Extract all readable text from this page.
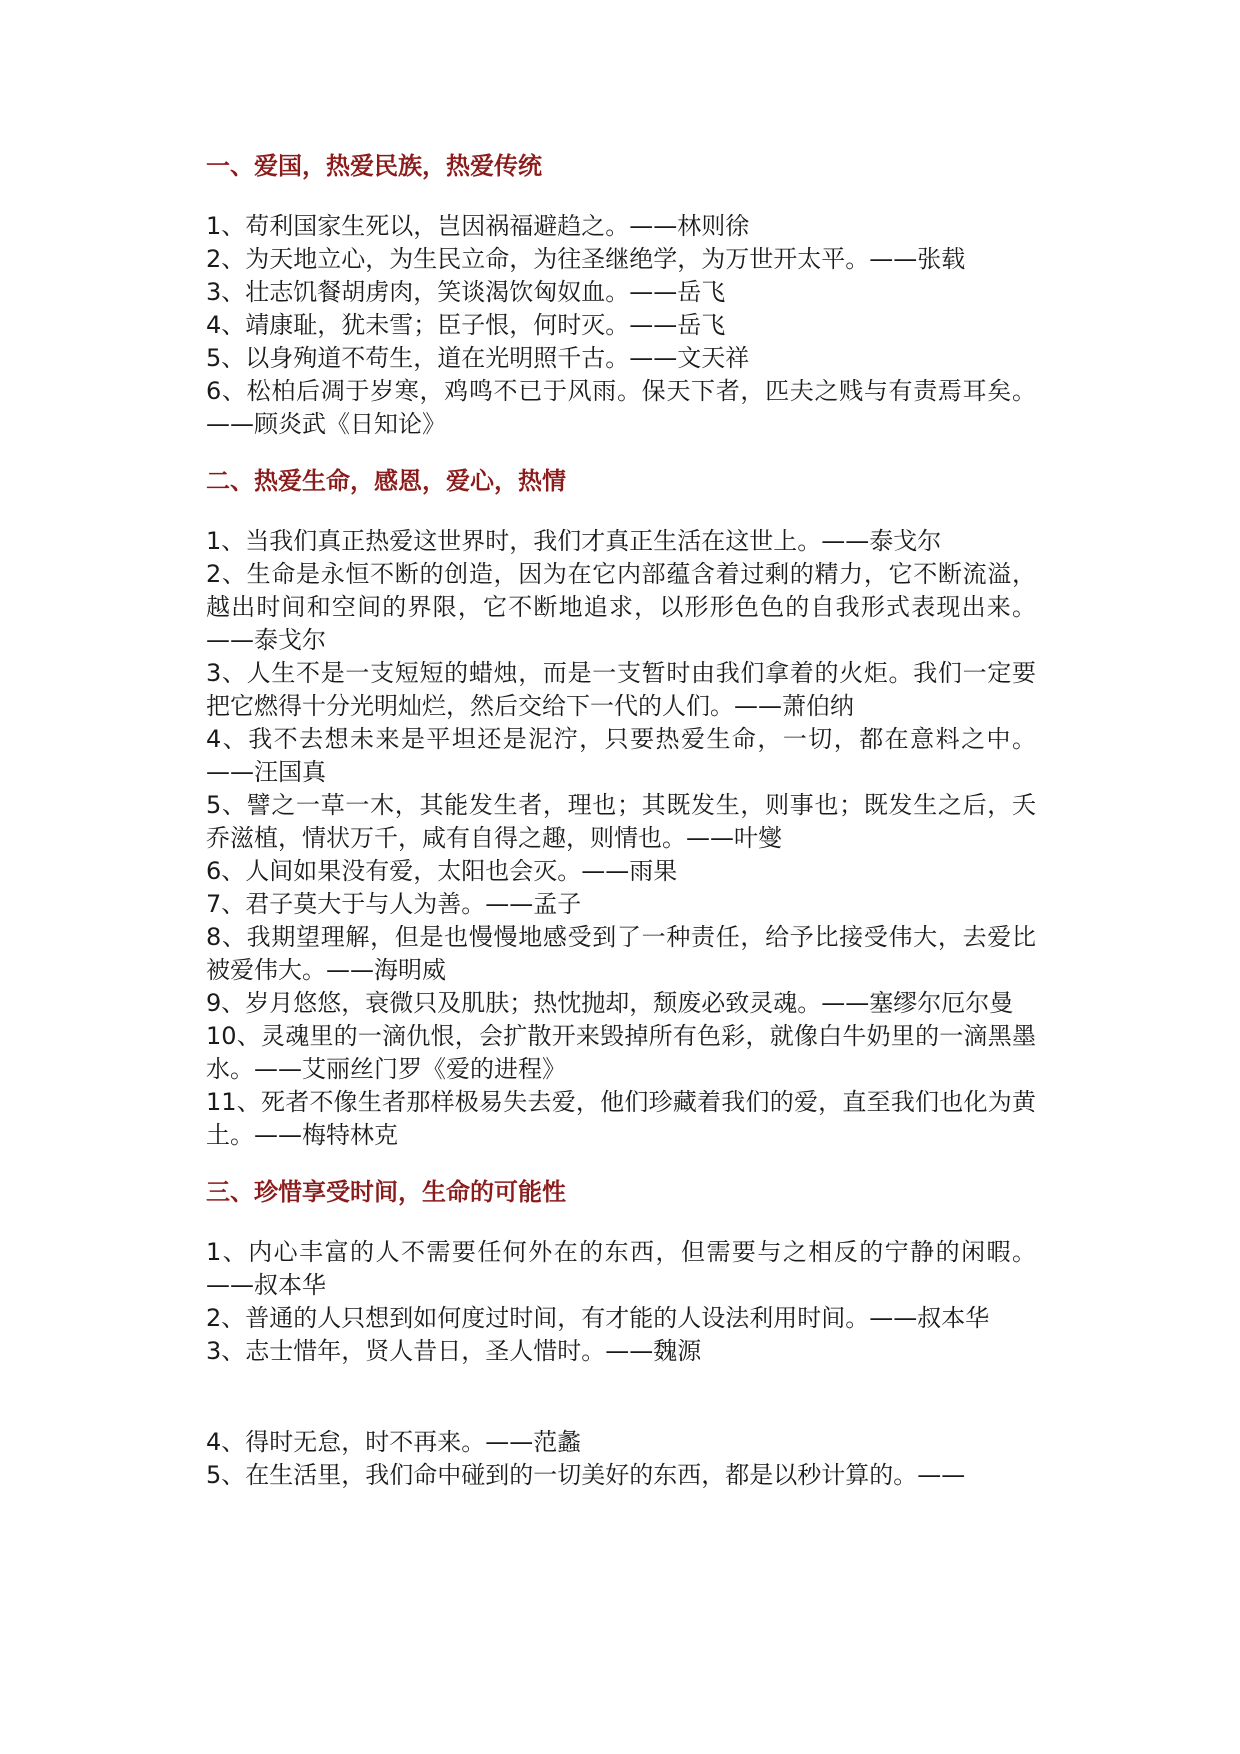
一、爱国，热爱民族，热爱传统
1、苟利国家生死以，岂因祸福避趋之。——林则徐
2、为天地立心，为生民立命，为往圣继绝学，为万世开太平。——张载
3、壮志饥餐胡虏肉，笑谈渴饮匈奴血。——岳飞
4、靖康耻，犹未雪；臣子恨，何时灭。——岳飞
5、以身殉道不苟生，道在光明照千古。——文天祥
6、松柏后凋于岁寒，鸡鸣不已于风雨。保天下者，匹夫之贱与有责焉耳矣。——顾炎武《日知论》
二、热爱生命，感恩，爱心，热情
1、当我们真正热爱这世界时，我们才真正生活在这世上。——泰戈尔
2、生命是永恒不断的创造，因为在它内部蕴含着过剩的精力，它不断流溢，越出时间和空间的界限，它不断地追求，以形形色色的自我形式表现出来。——泰戈尔
3、人生不是一支短短的蜡烛，而是一支暂时由我们拿着的火炬。我们一定要把它燃得十分光明灿烂，然后交给下一代的人们。——萧伯纳
4、我不去想未来是平坦还是泥泞，只要热爱生命，一切，都在意料之中。——汪国真
5、譬之一草一木，其能发生者，理也；其既发生，则事也；既发生之后，夭乔滋植，情状万千，咸有自得之趣，则情也。——叶燮
6、人间如果没有爱，太阳也会灭。——雨果
7、君子莫大于与人为善。——孟子
8、我期望理解，但是也慢慢地感受到了一种责任，给予比接受伟大，去爱比被爱伟大。——海明威
9、岁月悠悠，衰微只及肌肤；热忱抛却，颓废必致灵魂。——塞缪尔厄尔曼
10、灵魂里的一滴仇恨，会扩散开来毁掉所有色彩，就像白牛奶里的一滴黑墨水。——艾丽丝门罗《爱的进程》
11、死者不像生者那样极易失去爱，他们珍藏着我们的爱，直至我们也化为黄土。——梅特林克
三、珍惜享受时间，生命的可能性
1、内心丰富的人不需要任何外在的东西，但需要与之相反的宁静的闲暇。——叔本华
2、普通的人只想到如何度过时间，有才能的人设法利用时间。——叔本华
3、志士惜年，贤人昔日，圣人惜时。——魏源
4、得时无怠，时不再来。——范蠡
5、在生活里，我们命中碰到的一切美好的东西，都是以秒计算的。——
